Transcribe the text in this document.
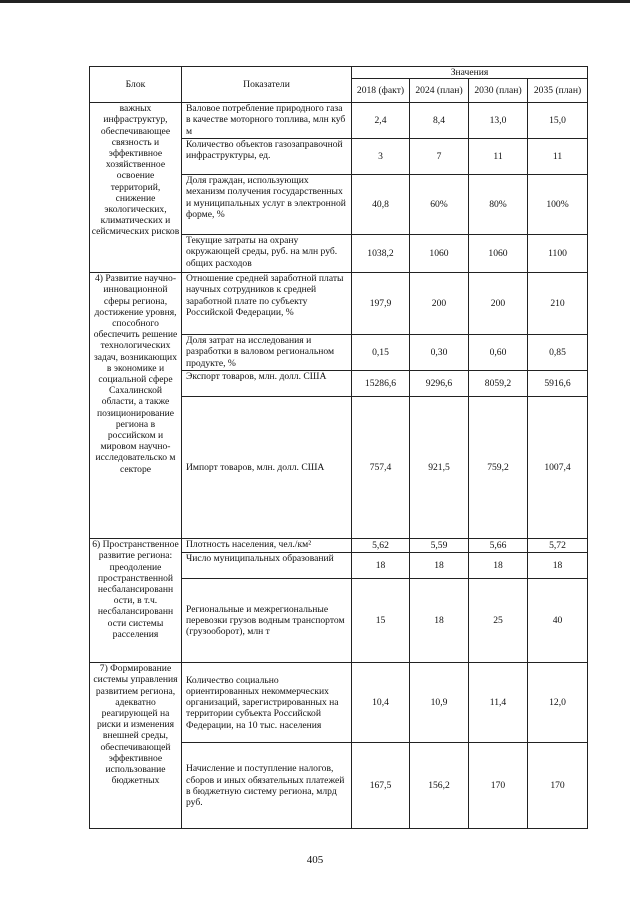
Блок	Показатели	Значения			
		2018 (факт)	2024 (план)	2030 (план)	2035 (план)
важных инфраструктур, обеспечивающее связность и эффективное хозяйственное освоение территорий, снижение экологических, климатических и сейсмических рисков	Валовое потребление природного газа в качестве моторного топлива, млн куб м	2,4	8,4	13,0	15,0
	Количество объектов газозаправочной инфраструктуры, ед.	3	7	11	11
	Доля граждан, использующих механизм получения государственных и муниципальных услуг в электронной форме, %	40,8	60%	80%	100%
	Текущие затраты на охрану окружающей среды, руб. на млн руб. общих расходов	1038,2	1060	1060	1100
4) Развитие научно-инновационной сферы региона, достижение уровня, способного обеспечить решение технологических задач, возникающих в экономике и социальной сфере Сахалинской области, а также позиционирование региона в российском и мировом научно-исследовательско м секторе	Отношение средней заработной платы научных сотрудников к средней заработной плате по субъекту Российской Федерации, %	197,9	200	200	210
	Доля затрат на исследования и разработки в валовом региональном продукте, %	0,15	0,30	0,60	0,85
	Экспорт товаров, млн. долл. США	15286,6	9296,6	8059,2	5916,6
	Импорт товаров, млн. долл. США	757,4	921,5	759,2	1007,4
6) Пространственное развитие региона: преодоление пространственной несбалансированн ости, в т.ч. несбалансированн ости системы расселения	Плотность населения, чел./км²	5,62	5,59	5,66	5,72
	Число муниципальных образований	18	18	18	18
	Региональные и межрегиональные перевозки грузов водным транспортом (грузооборот), млн т	15	18	25	40
7) Формирование системы управления развитием региона, адекватно реагирующей на риски и изменения внешней среды, обеспечивающей эффективное использование бюджетных	Количество социально ориентированных некоммерческих организаций, зарегистрированных на территории субъекта Российской Федерации, на 10 тыс. населения	10,4	10,9	11,4	12,0
	Начисление и поступление налогов, сборов и иных обязательных платежей в бюджетную систему региона, млрд руб.	167,5	156,2	170	170
405
